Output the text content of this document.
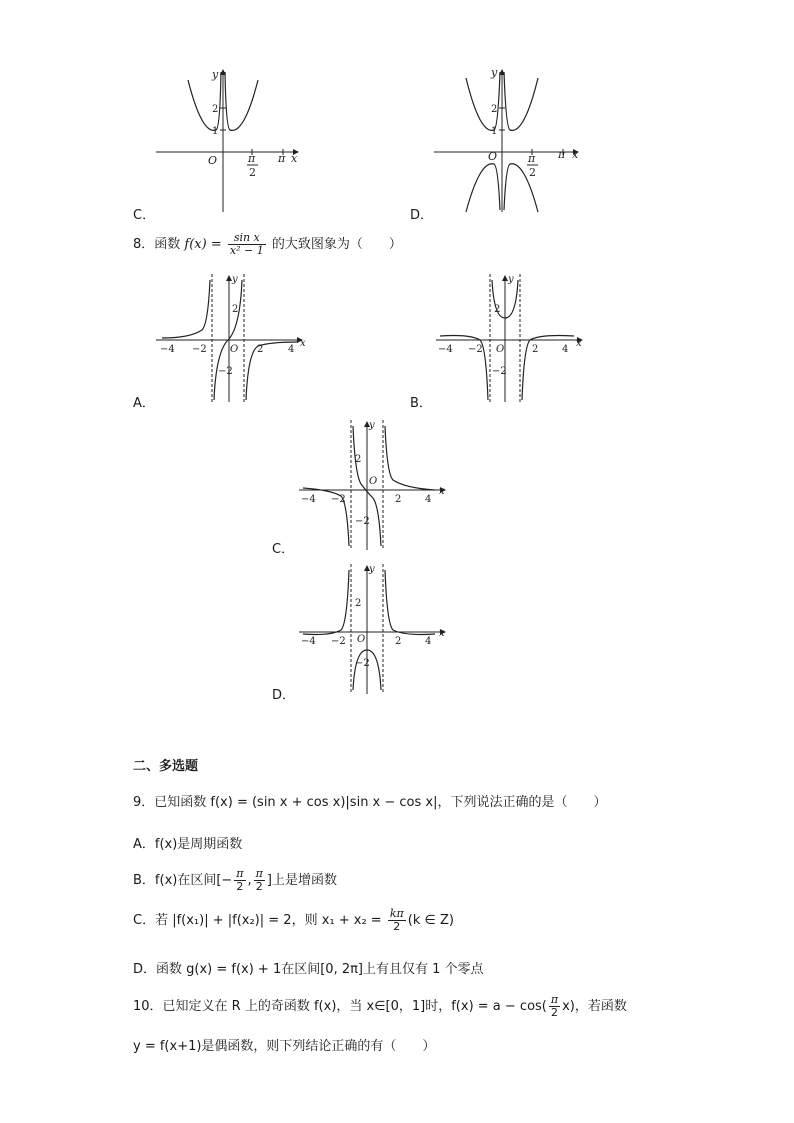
y
x
O
2
1
π
2
π
C．
y
x
O
2
1
π
2
π
D．
8．函数 $f(x) = \frac{\text{sin x}}{\text{x² − 1}}$ 的大致图象为（　　）
y
x
O
−4 −2	2 4
2
−2
A．
y
x
O
−4 −2	2 4
2
−2
B．
y
x
O
−4 −2	2 4
2
−2
C．
y
x
O
−4 −2	2 4
2
−2
D．
二、多选题
9．已知函数 f(x) = (sin x + cos x)|sin x − cos x|，下列说法正确的是（　　）
A．f(x)是周期函数
B．f(x)在区间[− $\frac{\pi}{2}$ , $\frac{\pi}{2}$ ]上是增函数
C．若 |f(x₁)| + |f(x₂)| = 2，则 $x_1 + x_2 = \frac{k\pi}{2} (k$ ∈ Z)
D．函数 g(x) = f(x) + 1在区间[0, 2π]上有且仅有 1 个零点
10．已知定义在 R 上的奇函数 f(x)，当 x∈[0，1]时，$f(x) = a - \cos( \frac{\pi}{2} x)$，若函数
y = f(x+1)是偶函数，则下列结论正确的有（　　）
